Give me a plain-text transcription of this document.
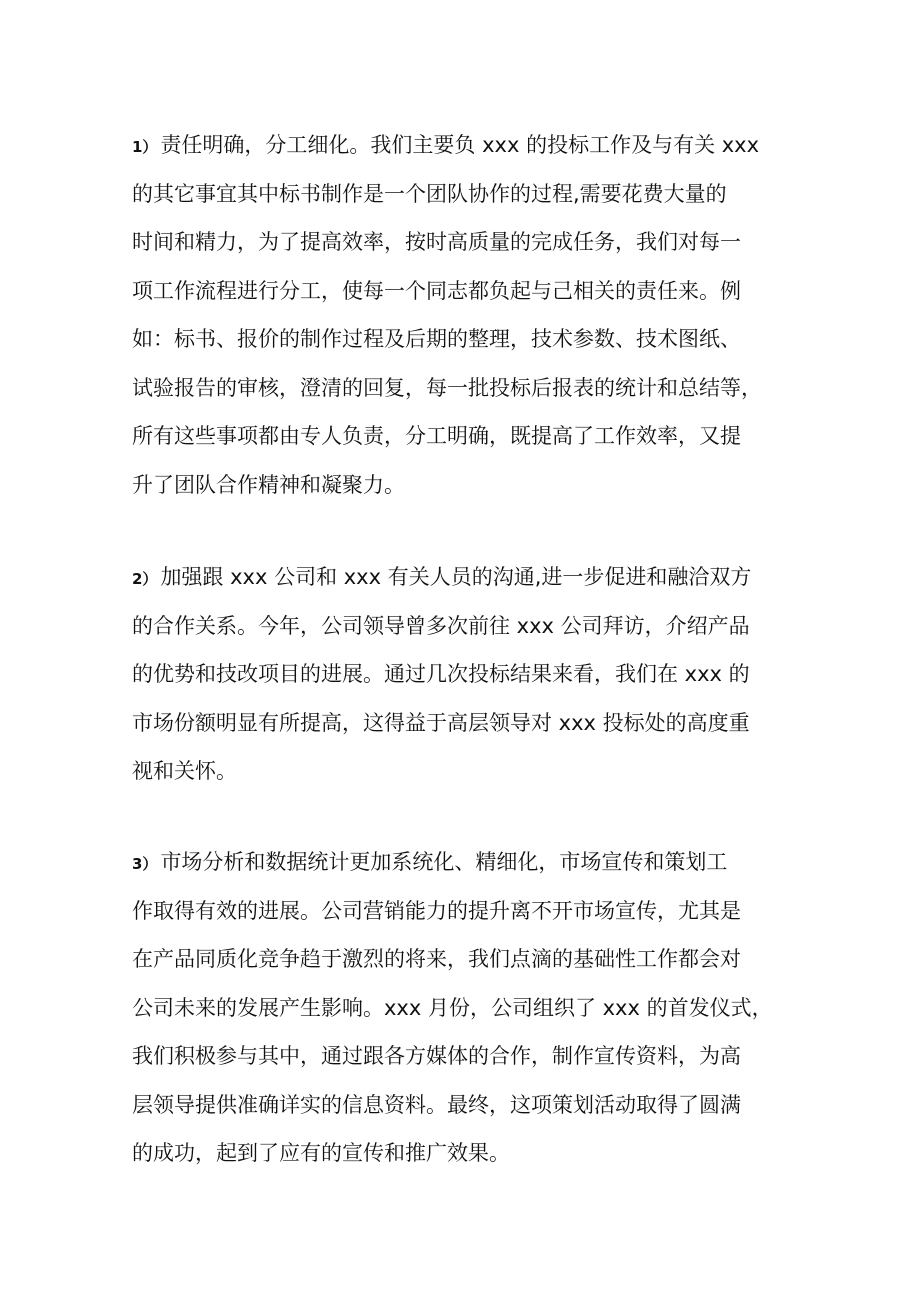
1） 责任明确，分工细化。我们主要负 xxx 的投标工作及与有关 xxx
的其它事宜其中标书制作是一个团队协作的过程,需要花费大量的
时间和精力，为了提高效率，按时高质量的完成任务，我们对每一
项工作流程进行分工，使每一个同志都负起与己相关的责任来。例
如：标书、报价的制作过程及后期的整理，技术参数、技术图纸、
试验报告的审核，澄清的回复，每一批投标后报表的统计和总结等，
所有这些事项都由专人负责，分工明确，既提高了工作效率，又提
升了团队合作精神和凝聚力。
2） 加强跟 xxx 公司和 xxx 有关人员的沟通,进一步促进和融洽双方
的合作关系。今年，公司领导曾多次前往 xxx 公司拜访，介绍产品
的优势和技改项目的进展。通过几次投标结果来看，我们在 xxx 的
市场份额明显有所提高，这得益于高层领导对 xxx 投标处的高度重
视和关怀。
3） 市场分析和数据统计更加系统化、精细化，市场宣传和策划工
作取得有效的进展。公司营销能力的提升离不开市场宣传，尤其是
在产品同质化竞争趋于激烈的将来，我们点滴的基础性工作都会对
公司未来的发展产生影响。xxx 月份，公司组织了 xxx 的首发仪式，
我们积极参与其中，通过跟各方媒体的合作，制作宣传资料，为高
层领导提供准确详实的信息资料。最终，这项策划活动取得了圆满
的成功，起到了应有的宣传和推广效果。
